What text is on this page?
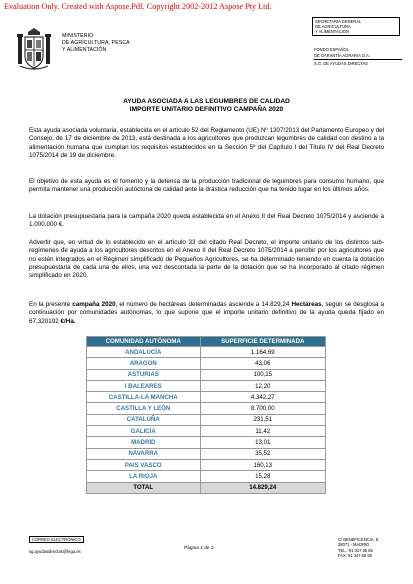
Evaluation Only. Created with Aspose.Pdf. Copyright 2002-2012 Aspose Pty Ltd.
MINISTERIO
DE AGRICULTURA, PESCA
Y ALIMENTACIÓN
SECRETARIA GENERAL
DE AGRICULTURA
Y ALIMENTACIÓN
FONDO ESPAÑOL
DE GARANTÍA AGRARIA O.A.
S.G. DE AYUDAS DIRECTAS
AYUDA ASOCIADA A LAS LEGUMBRES DE CALIDAD
IMPORTE UNITARIO DEFINITIVO CAMPAÑA 2020
Esta ayuda asociada voluntaria, establecida en el artículo 52 del Reglamento (UE) Nº 1307/2013 del Parlamento Europeo y del Consejo, de 17 de diciembre de 2013, está destinada a los agricultores que produzcan legumbres de calidad con destino a la alimentación humana que cumplan los requisitos establecidos en la Sección 5ª del Capítulo I del Título IV del Real Decreto 1075/2014 de 19 de diciembre.
El objetivo de esta ayuda es el fomento y la defensa de la producción tradicional de legumbres para consumo humano, que permita mantener una producción autóctona de calidad ante la drástica reducción que ha tenido lugar en los últimos años.
La dotación presupuestaria para la campaña 2020 queda establecida en el Anexo II del Real Decreto 1075/2014 y asciende a 1.000.000 €.
Advertir que, en virtud de lo establecido en el artículo 33 del citado Real Decreto, el importe unitario de los distintos sub-regímenes de ayuda a los agricultores descritos en el Anexo II del Real Decreto 1075/2014 a percibir por los agricultores que no estén integrados en el Régimen simplificado de Pequeños Agricultores, se ha determinado teniendo en cuenta la dotación presupuestaria de cada una de ellos, una vez descontada la parte de la dotación que se ha incorporado al citado régimen simplificado en 2020.
En la presente campaña 2020, el número de hectáreas determinadas asciende a 14.829,24 Hectáreas, según se desglosa a continuación por comunidades autónomas, lo que supone que el importe unitario definitivo de la ayuda queda fijado en 67,320192 €/Ha.
COMUNIDAD AUTÓNOMA	SUPERFICIE DETERMINADA
ANDALUCÍA	1.164,69
ARAGON	43,06
ASTURIAS	100,15
I BALEARES	12,20
CASTILLA-LA MANCHA	4.342,27
CASTILLA Y LEÓN	8.700,00
CATALUÑA	231,51
GALICIA	11,42
MADRID	13,01
NAVARRA	35,52
PAIS VASCO	160,13
LA RIOJA	15,28
TOTAL	14.829,24
CORREO ELECTRÓNICO
sg.ayudasdirectas@fega.es
Página 1 de 2
C/ BENEFICENCIA, 8
28071 - MADRID
TEL.: 91 347 65 65
FAX: 91 347 65 65
